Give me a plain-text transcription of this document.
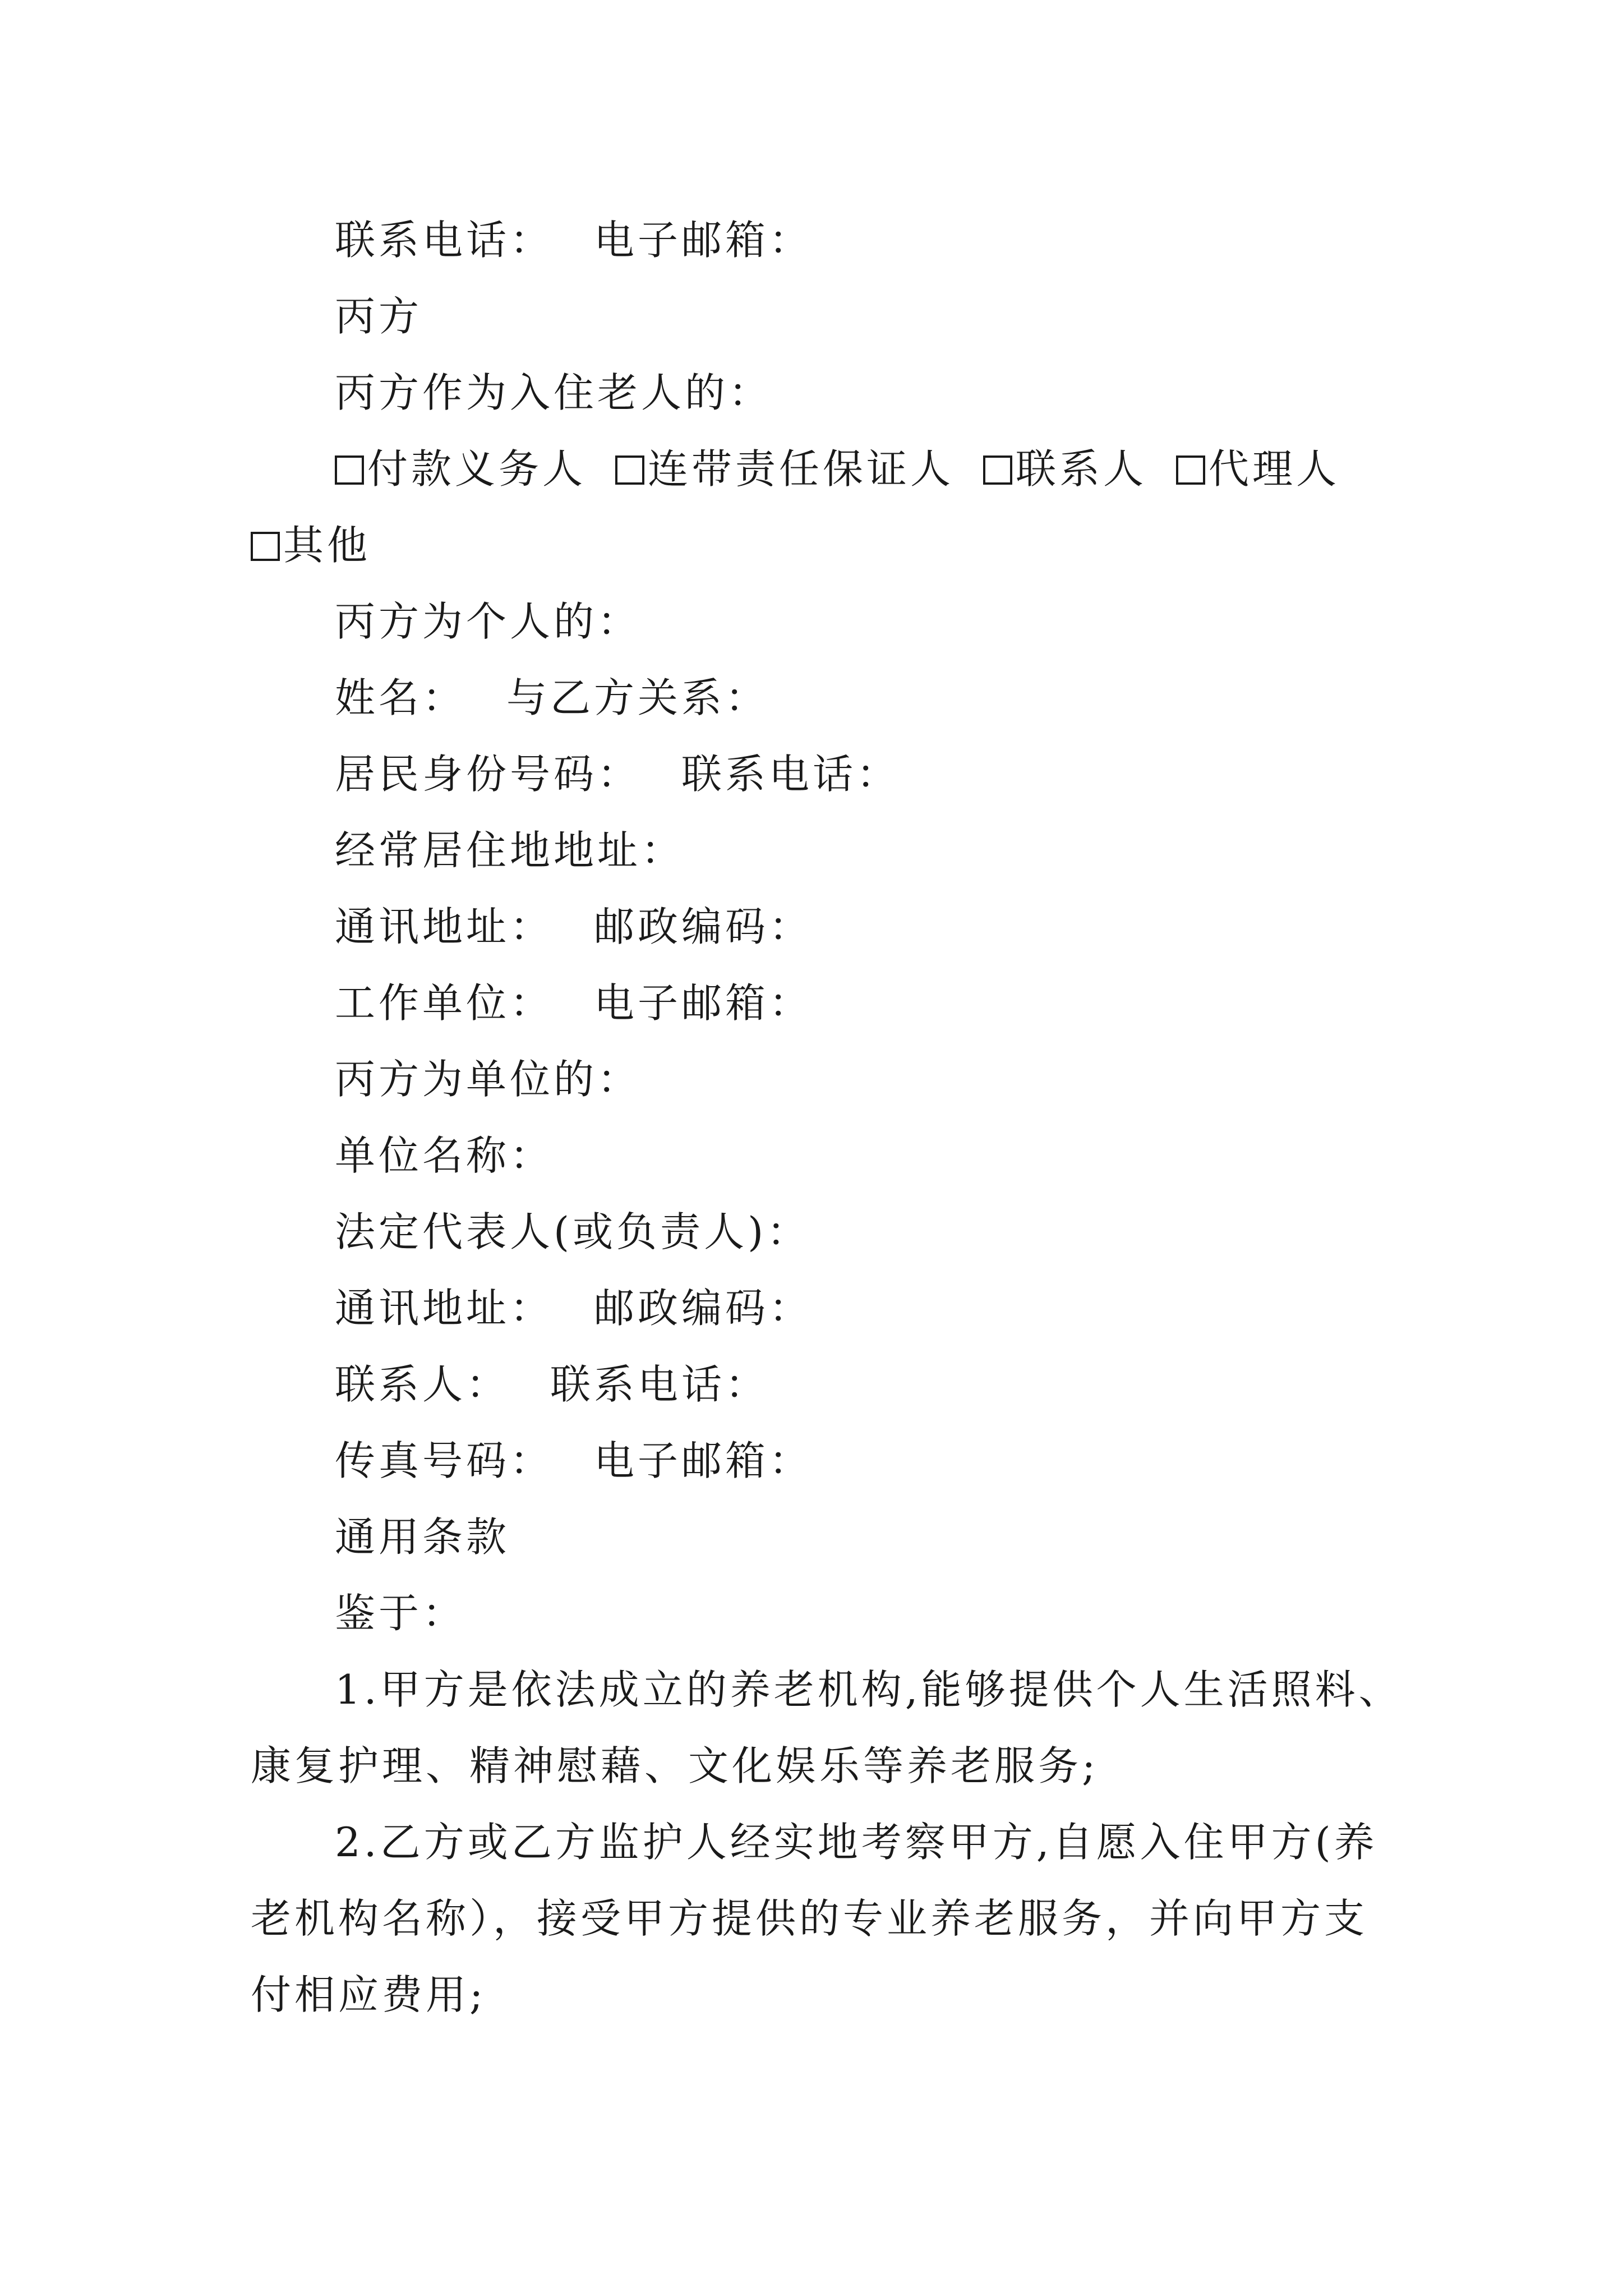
联系电话： 电子邮箱：
丙方
丙方作为入住老人的：
付款义务人 连带责任保证人 联系人 代理人
其他
丙方为个人的：
姓名： 与乙方关系：
居民身份号码： 联系电话：
经常居住地地址：
通讯地址： 邮政编码：
工作单位： 电子邮箱：
丙方为单位的：
单位名称：
法定代表人(或负责人)：
通讯地址： 邮政编码：
联系人： 联系电话：
传真号码： 电子邮箱：
通用条款
鉴于：
1.甲方是依法成立的养老机构,能够提供个人生活照料、
康复护理、精神慰藉、文化娱乐等养老服务;
2.乙方或乙方监护人经实地考察甲方,自愿入住甲方(养
老机构名称），接受甲方提供的专业养老服务，并向甲方支
付相应费用;
